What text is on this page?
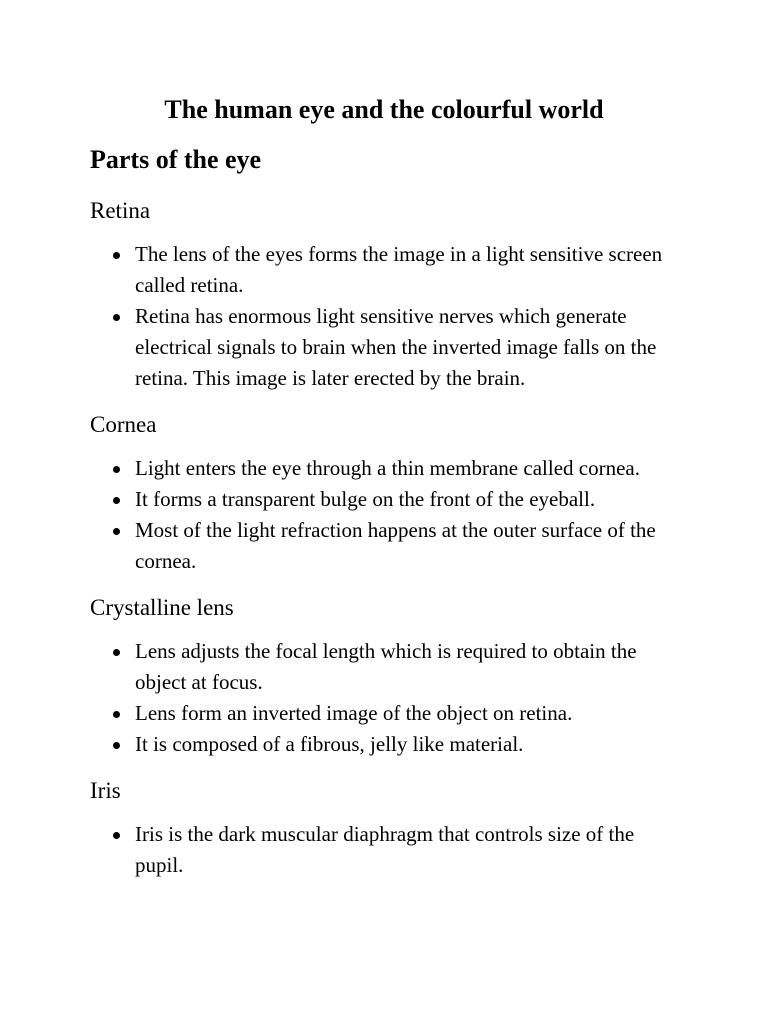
The human eye and the colourful world
Parts of the eye
Retina
The lens of the eyes forms the image in a light sensitive screen called retina.
Retina has enormous light sensitive nerves which generate electrical signals to brain when the inverted image falls on the retina. This image is later erected by the brain.
Cornea
Light enters the eye through a thin membrane called cornea.
It forms a transparent bulge on the front of the eyeball.
Most of the light refraction happens at the outer surface of the cornea.
Crystalline lens
Lens adjusts the focal length which is required to obtain the object at focus.
Lens form an inverted image of the object on retina.
It is composed of a fibrous, jelly like material.
Iris
Iris is the dark muscular diaphragm that controls size of the pupil.
